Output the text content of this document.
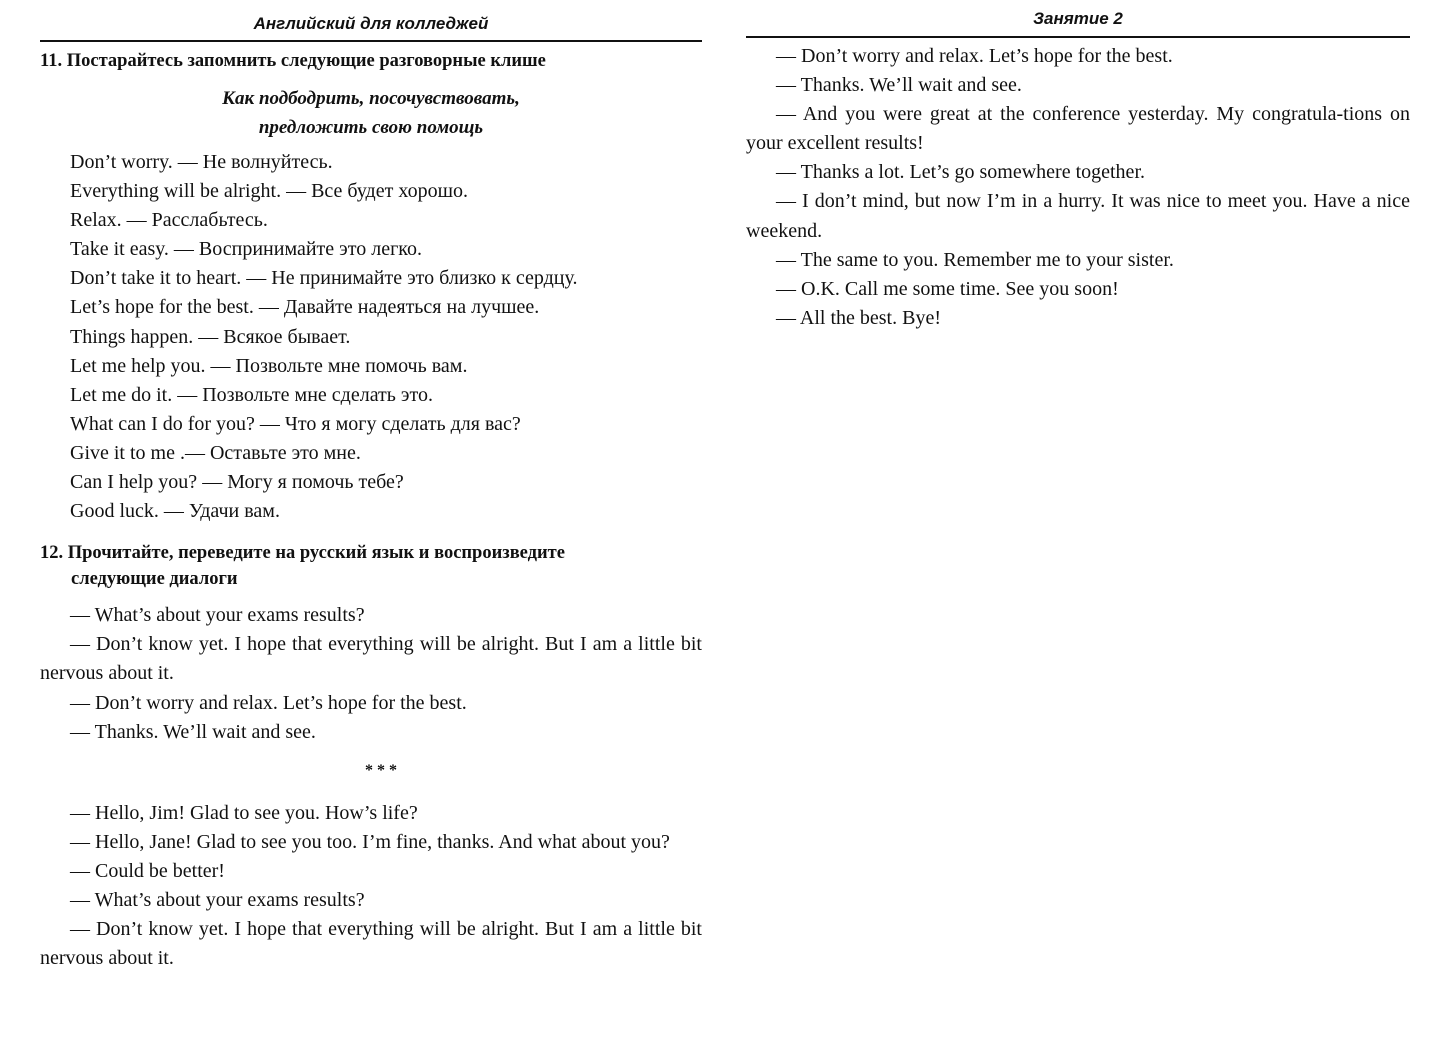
Английский для колледжей
11. Постарайтесь запомнить следующие разговорные клише
Как подбодрить, посочувствовать,
предложить свою помощь
Don’t worry. — Не волнуйтесь.
Everything will be alright. — Все будет хорошо.
Relax. — Расслабьтесь.
Take it easy. — Воспринимайте это легко.
Don’t take it to heart. — Не принимайте это близко к сердцу.
Let’s hope for the best. — Давайте надеяться на лучшее.
Things happen. — Всякое бывает.
Let me help you. — Позвольте мне помочь вам.
Let me do it. — Позвольте мне сделать это.
What can I do for you? — Что я могу сделать для вас?
Give it to me .— Оставьте это мне.
Can I help you? — Могу я помочь тебе?
Good luck. — Удачи вам.
12. Прочитайте, переведите на русский язык и воспроизведите
следующие диалоги
— What’s about your exams results?
— Don’t know yet. I hope that everything will be alright. But I am a little bit nervous about it.
— Don’t worry and relax. Let’s hope for the best.
— Thanks. We’ll wait and see.
* * *
— Hello, Jim! Glad to see you. How’s life?
— Hello, Jane! Glad to see you too. I’m fine, thanks. And what about you?
— Could be better!
— What’s about your exams results?
— Don’t know yet. I hope that everything will be alright. But I am a little bit nervous about it.
Занятие 2
— Don’t worry and relax. Let’s hope for the best.
— Thanks. We’ll wait and see.
— And you were great at the conference yesterday. My congratula-tions on your excellent results!
— Thanks a lot. Let’s go somewhere together.
— I don’t mind, but now I’m in a hurry. It was nice to meet you. Have a nice weekend.
— The same to you. Remember me to your sister.
— O.K. Call me some time. See you soon!
— All the best. Bye!
